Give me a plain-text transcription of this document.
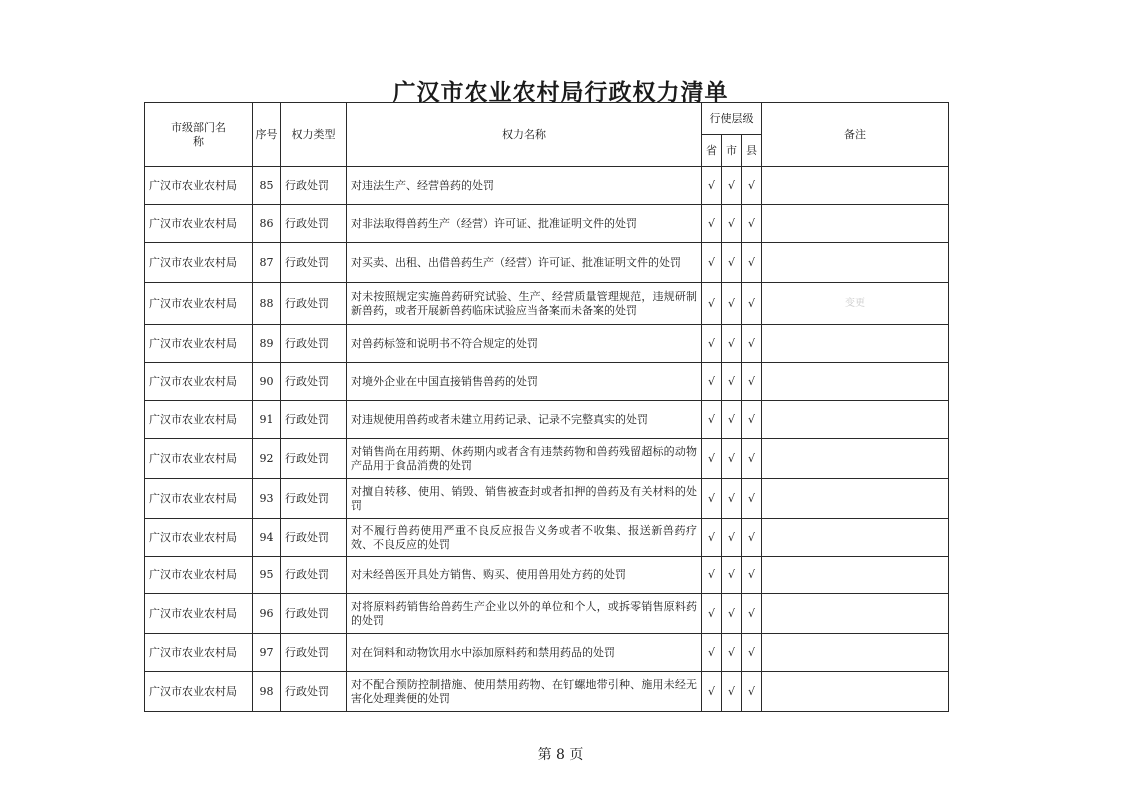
广汉市农业农村局行政权力清单
市级部门名称	序号	权力类型	权力名称	行使层级			备注
				省	市	县	
广汉市农业农村局	85	行政处罚	对违法生产、经营兽药的处罚	√	√	√	
广汉市农业农村局	86	行政处罚	对非法取得兽药生产（经营）许可证、批准证明文件的处罚	√	√	√	
广汉市农业农村局	87	行政处罚	对买卖、出租、出借兽药生产（经营）许可证、批准证明文件的处罚	√	√	√	
广汉市农业农村局	88	行政处罚	对未按照规定实施兽药研究试验、生产、经营质量管理规范，违规研制新兽药，或者开展新兽药临床试验应当备案而未备案的处罚	√	√	√	变更
广汉市农业农村局	89	行政处罚	对兽药标签和说明书不符合规定的处罚	√	√	√	
广汉市农业农村局	90	行政处罚	对境外企业在中国直接销售兽药的处罚	√	√	√	
广汉市农业农村局	91	行政处罚	对违规使用兽药或者未建立用药记录、记录不完整真实的处罚	√	√	√	
广汉市农业农村局	92	行政处罚	对销售尚在用药期、休药期内或者含有违禁药物和兽药残留超标的动物产品用于食品消费的处罚	√	√	√	
广汉市农业农村局	93	行政处罚	对擅自转移、使用、销毁、销售被查封或者扣押的兽药及有关材料的处罚	√	√	√	
广汉市农业农村局	94	行政处罚	对不履行兽药使用严重不良反应报告义务或者不收集、报送新兽药疗效、不良反应的处罚	√	√	√	
广汉市农业农村局	95	行政处罚	对未经兽医开具处方销售、购买、使用兽用处方药的处罚	√	√	√	
广汉市农业农村局	96	行政处罚	对将原料药销售给兽药生产企业以外的单位和个人，或拆零销售原料药的处罚	√	√	√	
广汉市农业农村局	97	行政处罚	对在饲料和动物饮用水中添加原料药和禁用药品的处罚	√	√	√	
广汉市农业农村局	98	行政处罚	对不配合预防控制措施、使用禁用药物、在钉螺地带引种、施用未经无害化处理粪便的处罚	√	√	√	
第 8 页
